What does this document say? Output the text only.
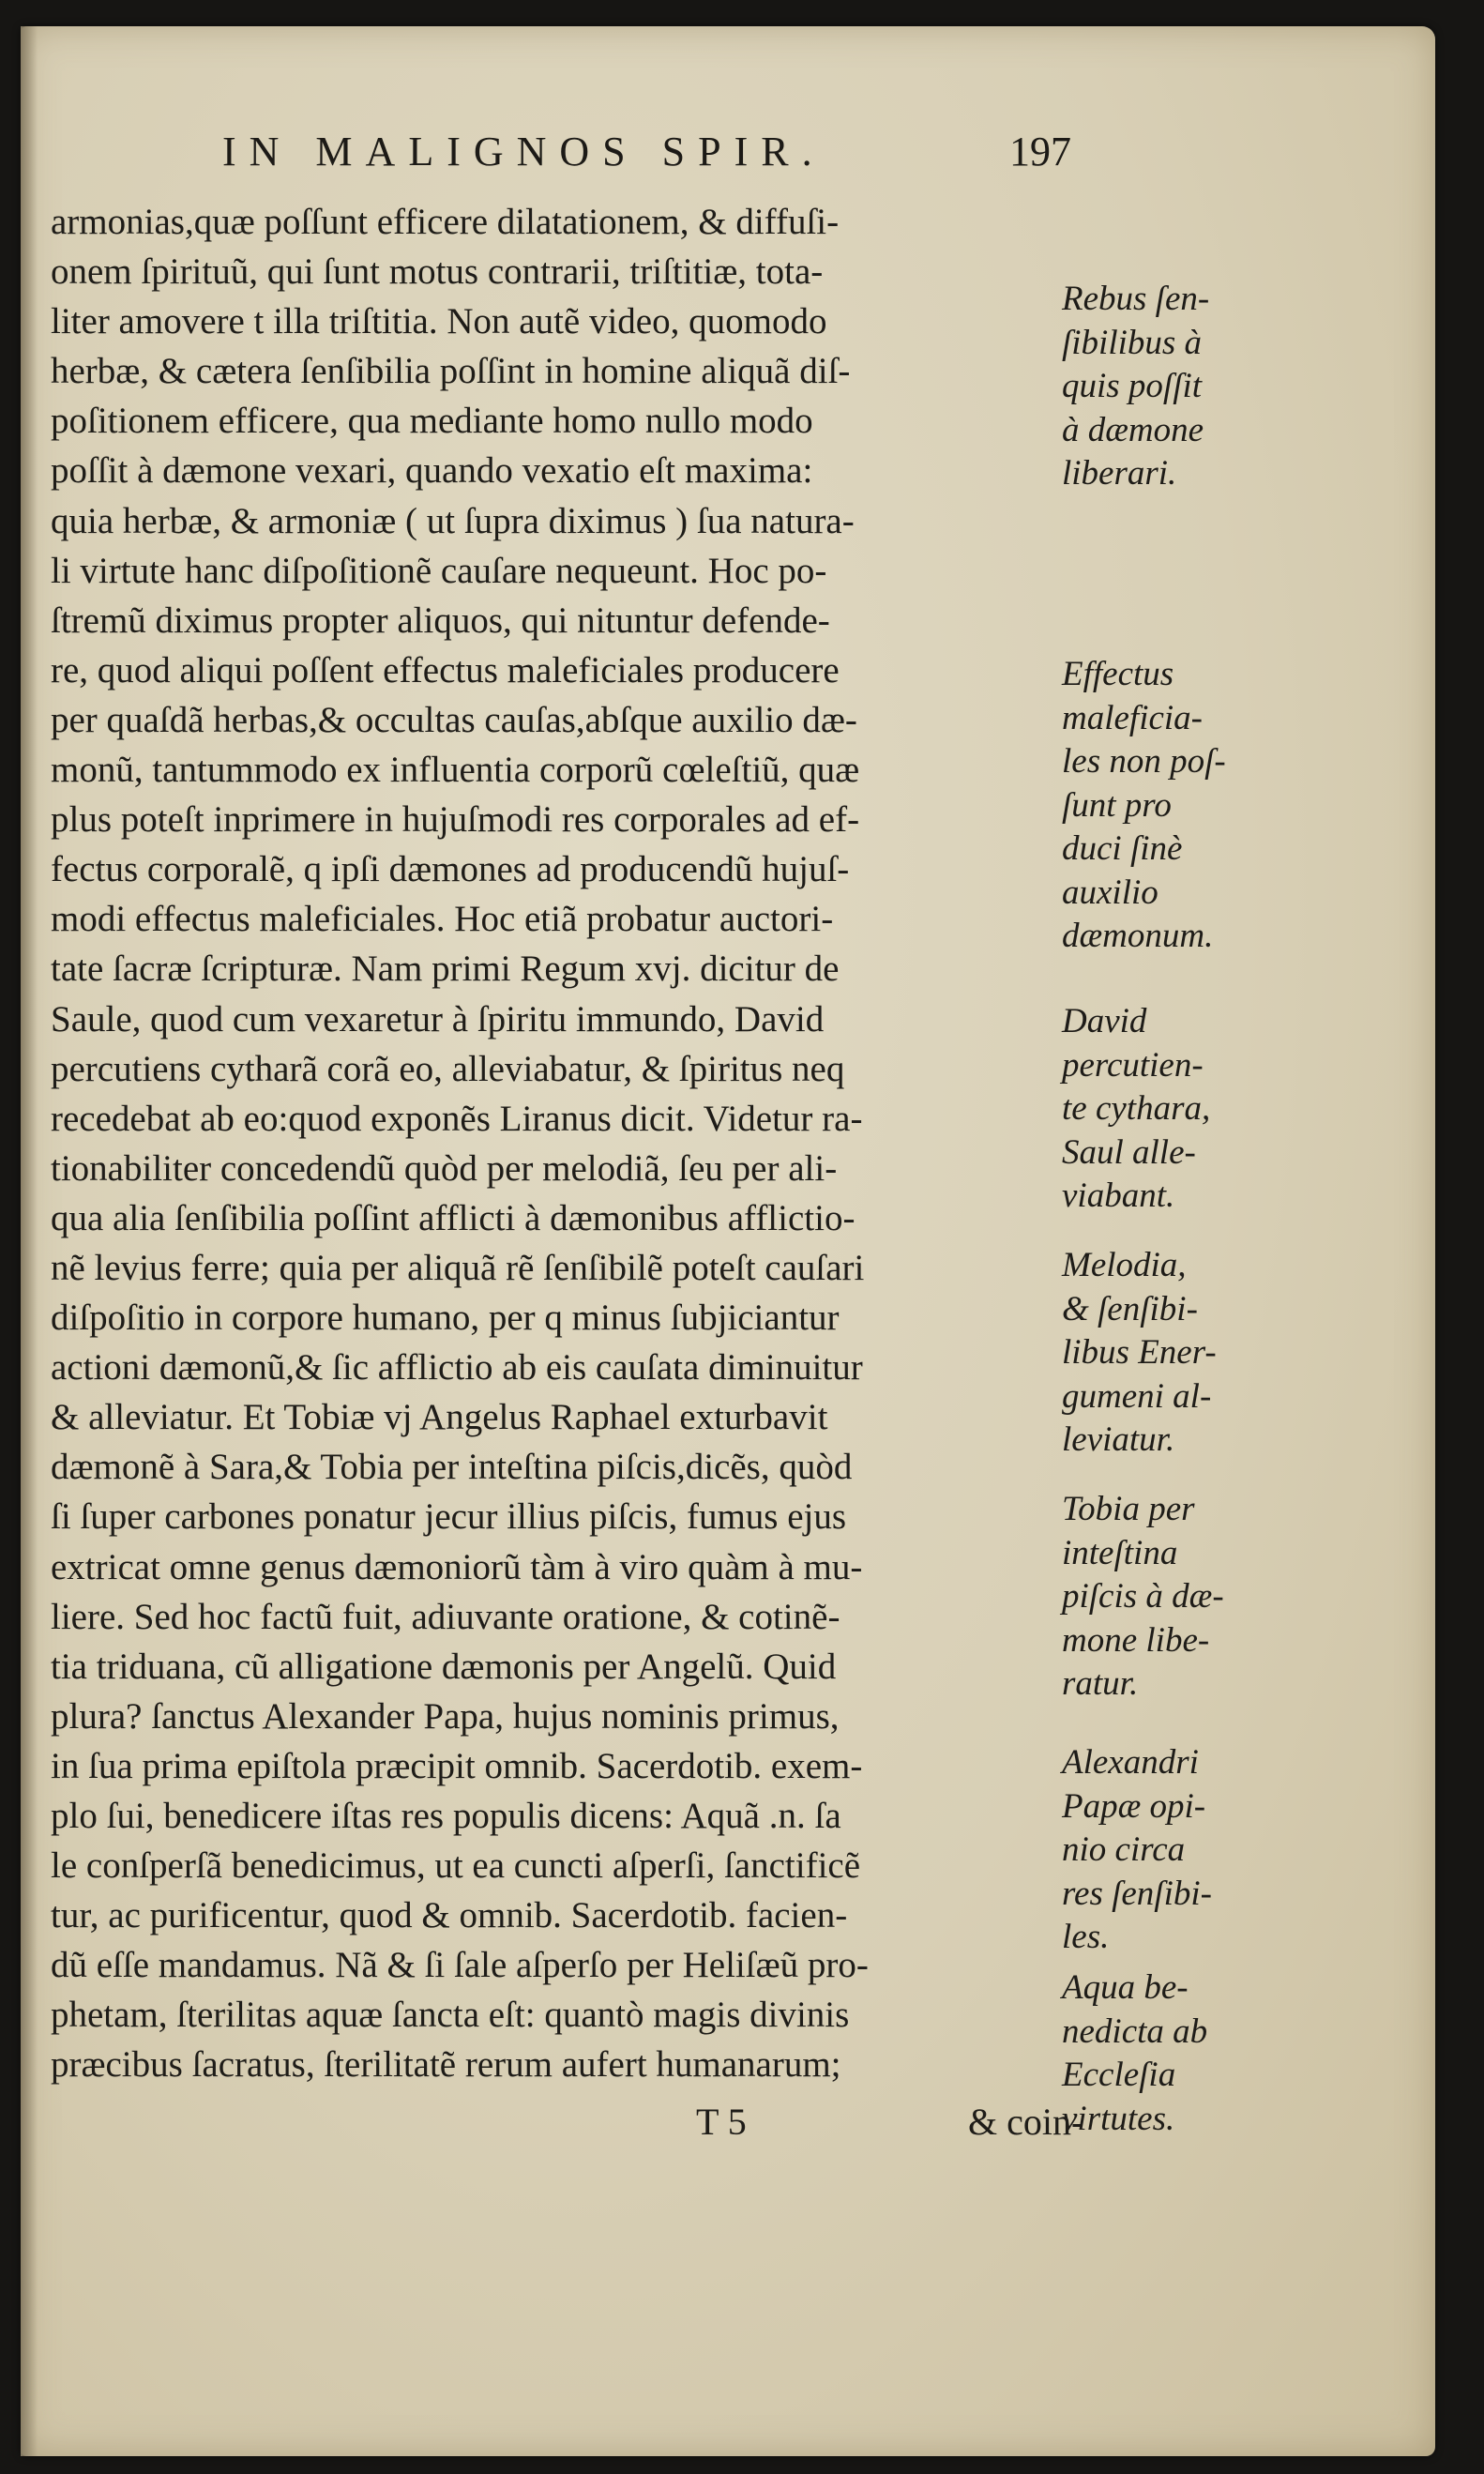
IN MALIGNOS SPIR.	197
armonias,quæ poſſunt efficere dilatationem, & diffuſi-
onem ſpirituũ, qui ſunt motus contrarii, triſtitiæ, tota-
liter amovere t illa triſtitia. Non autẽ video, quomodo
herbæ, & cætera ſenſibilia poſſint in homine aliquã diſ-
poſitionem efficere, qua mediante homo nullo modo
poſſit à dæmone vexari, quando vexatio eſt maxima:
quia herbæ, & armoniæ ( ut ſupra diximus ) ſua natura-
li virtute hanc diſpoſitionẽ cauſare nequeunt. Hoc po-
ſtremũ diximus propter aliquos, qui nituntur defende-
re, quod aliqui poſſent effectus maleficiales producere
per quaſdã herbas,& occultas cauſas,abſque auxilio dæ-
monũ, tantummodo ex influentia corporũ cœleſtiũ, quæ
plus poteſt inprimere in hujuſmodi res corporales ad ef-
fectus corporalẽ, q ipſi dæmones ad producendũ hujuſ-
modi effectus maleficiales. Hoc etiã probatur auctori-
tate ſacræ ſcripturæ. Nam primi Regum xvj. dicitur de
Saule, quod cum vexaretur à ſpiritu immundo, David
percutiens cytharã corã eo, alleviabatur, & ſpiritus neq
recedebat ab eo:quod exponẽs Liranus dicit. Videtur ra-
tionabiliter concedendũ quòd per melodiã, ſeu per ali-
qua alia ſenſibilia poſſint afflicti à dæmonibus afflictio-
nẽ levius ferre; quia per aliquã rẽ ſenſibilẽ poteſt cauſari
diſpoſitio in corpore humano, per q minus ſubjiciantur
actioni dæmonũ,& ſic afflictio ab eis cauſata diminuitur
& alleviatur. Et Tobiæ vj Angelus Raphael exturbavit
dæmonẽ à Sara,& Tobia per inteſtina piſcis,dicẽs, quòd
ſi ſuper carbones ponatur jecur illius piſcis, fumus ejus
extricat omne genus dæmoniorũ tàm à viro quàm à mu-
liere. Sed hoc factũ fuit, adiuvante oratione, & cotinẽ-
tia triduana, cũ alligatione dæmonis per Angelũ. Quid
plura? ſanctus Alexander Papa, hujus nominis primus,
in ſua prima epiſtola præcipit omnib. Sacerdotib. exem-
plo ſui, benedicere iſtas res populis dicens: Aquã .n. ſa
le conſperſã benedicimus, ut ea cuncti aſperſi, ſanctificẽ
tur, ac purificentur, quod & omnib. Sacerdotib. facien-
dũ eſſe mandamus. Nã & ſi ſale aſperſo per Heliſæũ pro-
phetam, ſterilitas aquæ ſancta eſt: quantò magis divinis
præcibus ſacratus, ſterilitatẽ rerum aufert humanarum;
Rebus ſen-
ſibilibus à
quis poſſit
à dæmone
liberari.
Effectus
maleficia-
les non poſ-
ſunt pro
duci ſinè
auxilio
dæmonum.
David
percutien-
te cythara,
Saul alle-
viabant.
Melodia,
& ſenſibi-
libus Ener-
gumeni al-
leviatur.
Tobia per
inteſtina
piſcis à dæ-
mone libe-
ratur.
Alexandri
Papæ opi-
nio circa
res ſenſibi-
les.
Aqua be-
nedicta ab
Eccleſia
virtutes.
T 5	& coin-
